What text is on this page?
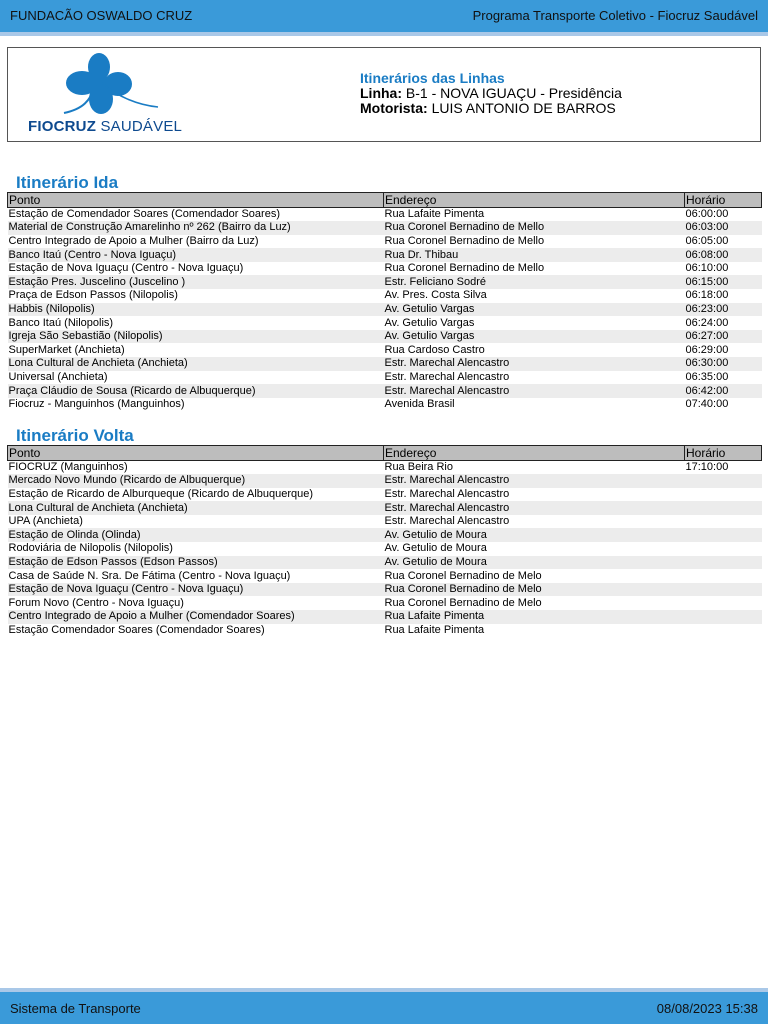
FUNDACÃO OSWALDO CRUZ	Programa Transporte Coletivo - Fiocruz Saudável
FIOCRUZ SAUDÁVEL
Itinerários das Linhas
Linha: B-1 - NOVA IGUAÇU - Presidência
Motorista: LUIS ANTONIO DE BARROS
Itinerário Ida
Ponto	Endereço	Horário
Estação de Comendador Soares (Comendador Soares)	Rua Lafaite Pimenta	06:00:00
Material de Construção Amarelinho nº 262 (Bairro da Luz)	Rua Coronel Bernadino de Mello	06:03:00
Centro Integrado de Apoio a Mulher (Bairro da Luz)	Rua Coronel Bernadino de Mello	06:05:00
Banco Itaú (Centro - Nova Iguaçu)	Rua Dr. Thibau	06:08:00
Estação de Nova Iguaçu (Centro - Nova Iguaçu)	Rua Coronel Bernadino de Mello	06:10:00
Estação Pres. Juscelino (Juscelino )	Estr. Feliciano Sodré	06:15:00
Praça de Edson Passos (Nilopolis)	Av. Pres. Costa Silva	06:18:00
Habbis (Nilopolis)	Av. Getulio Vargas	06:23:00
Banco Itaú (Nilopolis)	Av. Getulio Vargas	06:24:00
Igreja São Sebastião (Nilopolis)	Av. Getulio Vargas	06:27:00
SuperMarket (Anchieta)	Rua Cardoso Castro	06:29:00
Lona Cultural de Anchieta (Anchieta)	Estr. Marechal Alencastro	06:30:00
Universal (Anchieta)	Estr. Marechal Alencastro	06:35:00
Praça Cláudio de Sousa (Ricardo de Albuquerque)	Estr. Marechal Alencastro	06:42:00
Fiocruz - Manguinhos (Manguinhos)	Avenida Brasil	07:40:00
Itinerário Volta
Ponto	Endereço	Horário
FIOCRUZ (Manguinhos)	Rua Beira Rio	17:10:00
Mercado Novo Mundo (Ricardo de Albuquerque)	Estr. Marechal Alencastro	
Estação de Ricardo de Alburqueque (Ricardo de Albuquerque)	Estr. Marechal Alencastro	
Lona Cultural de Anchieta (Anchieta)	Estr. Marechal Alencastro	
UPA (Anchieta)	Estr. Marechal Alencastro	
Estação de Olinda (Olinda)	Av. Getulio de Moura	
Rodoviária de Nilopolis (Nilopolis)	Av. Getulio de Moura	
Estação de Edson Passos (Edson Passos)	Av. Getulio de Moura	
Casa de Saúde N. Sra. De Fátima (Centro - Nova Iguaçu)	Rua Coronel Bernadino de Melo	
Estação de Nova Iguaçu (Centro - Nova Iguaçu)	Rua Coronel Bernadino de Melo	
Forum Novo (Centro - Nova Iguaçu)	Rua Coronel Bernadino de Melo	
Centro Integrado de Apoio a Mulher (Comendador Soares)	Rua Lafaite Pimenta	
Estação Comendador Soares (Comendador Soares)	Rua Lafaite Pimenta	
Sistema de Transporte	08/08/2023 15:38
